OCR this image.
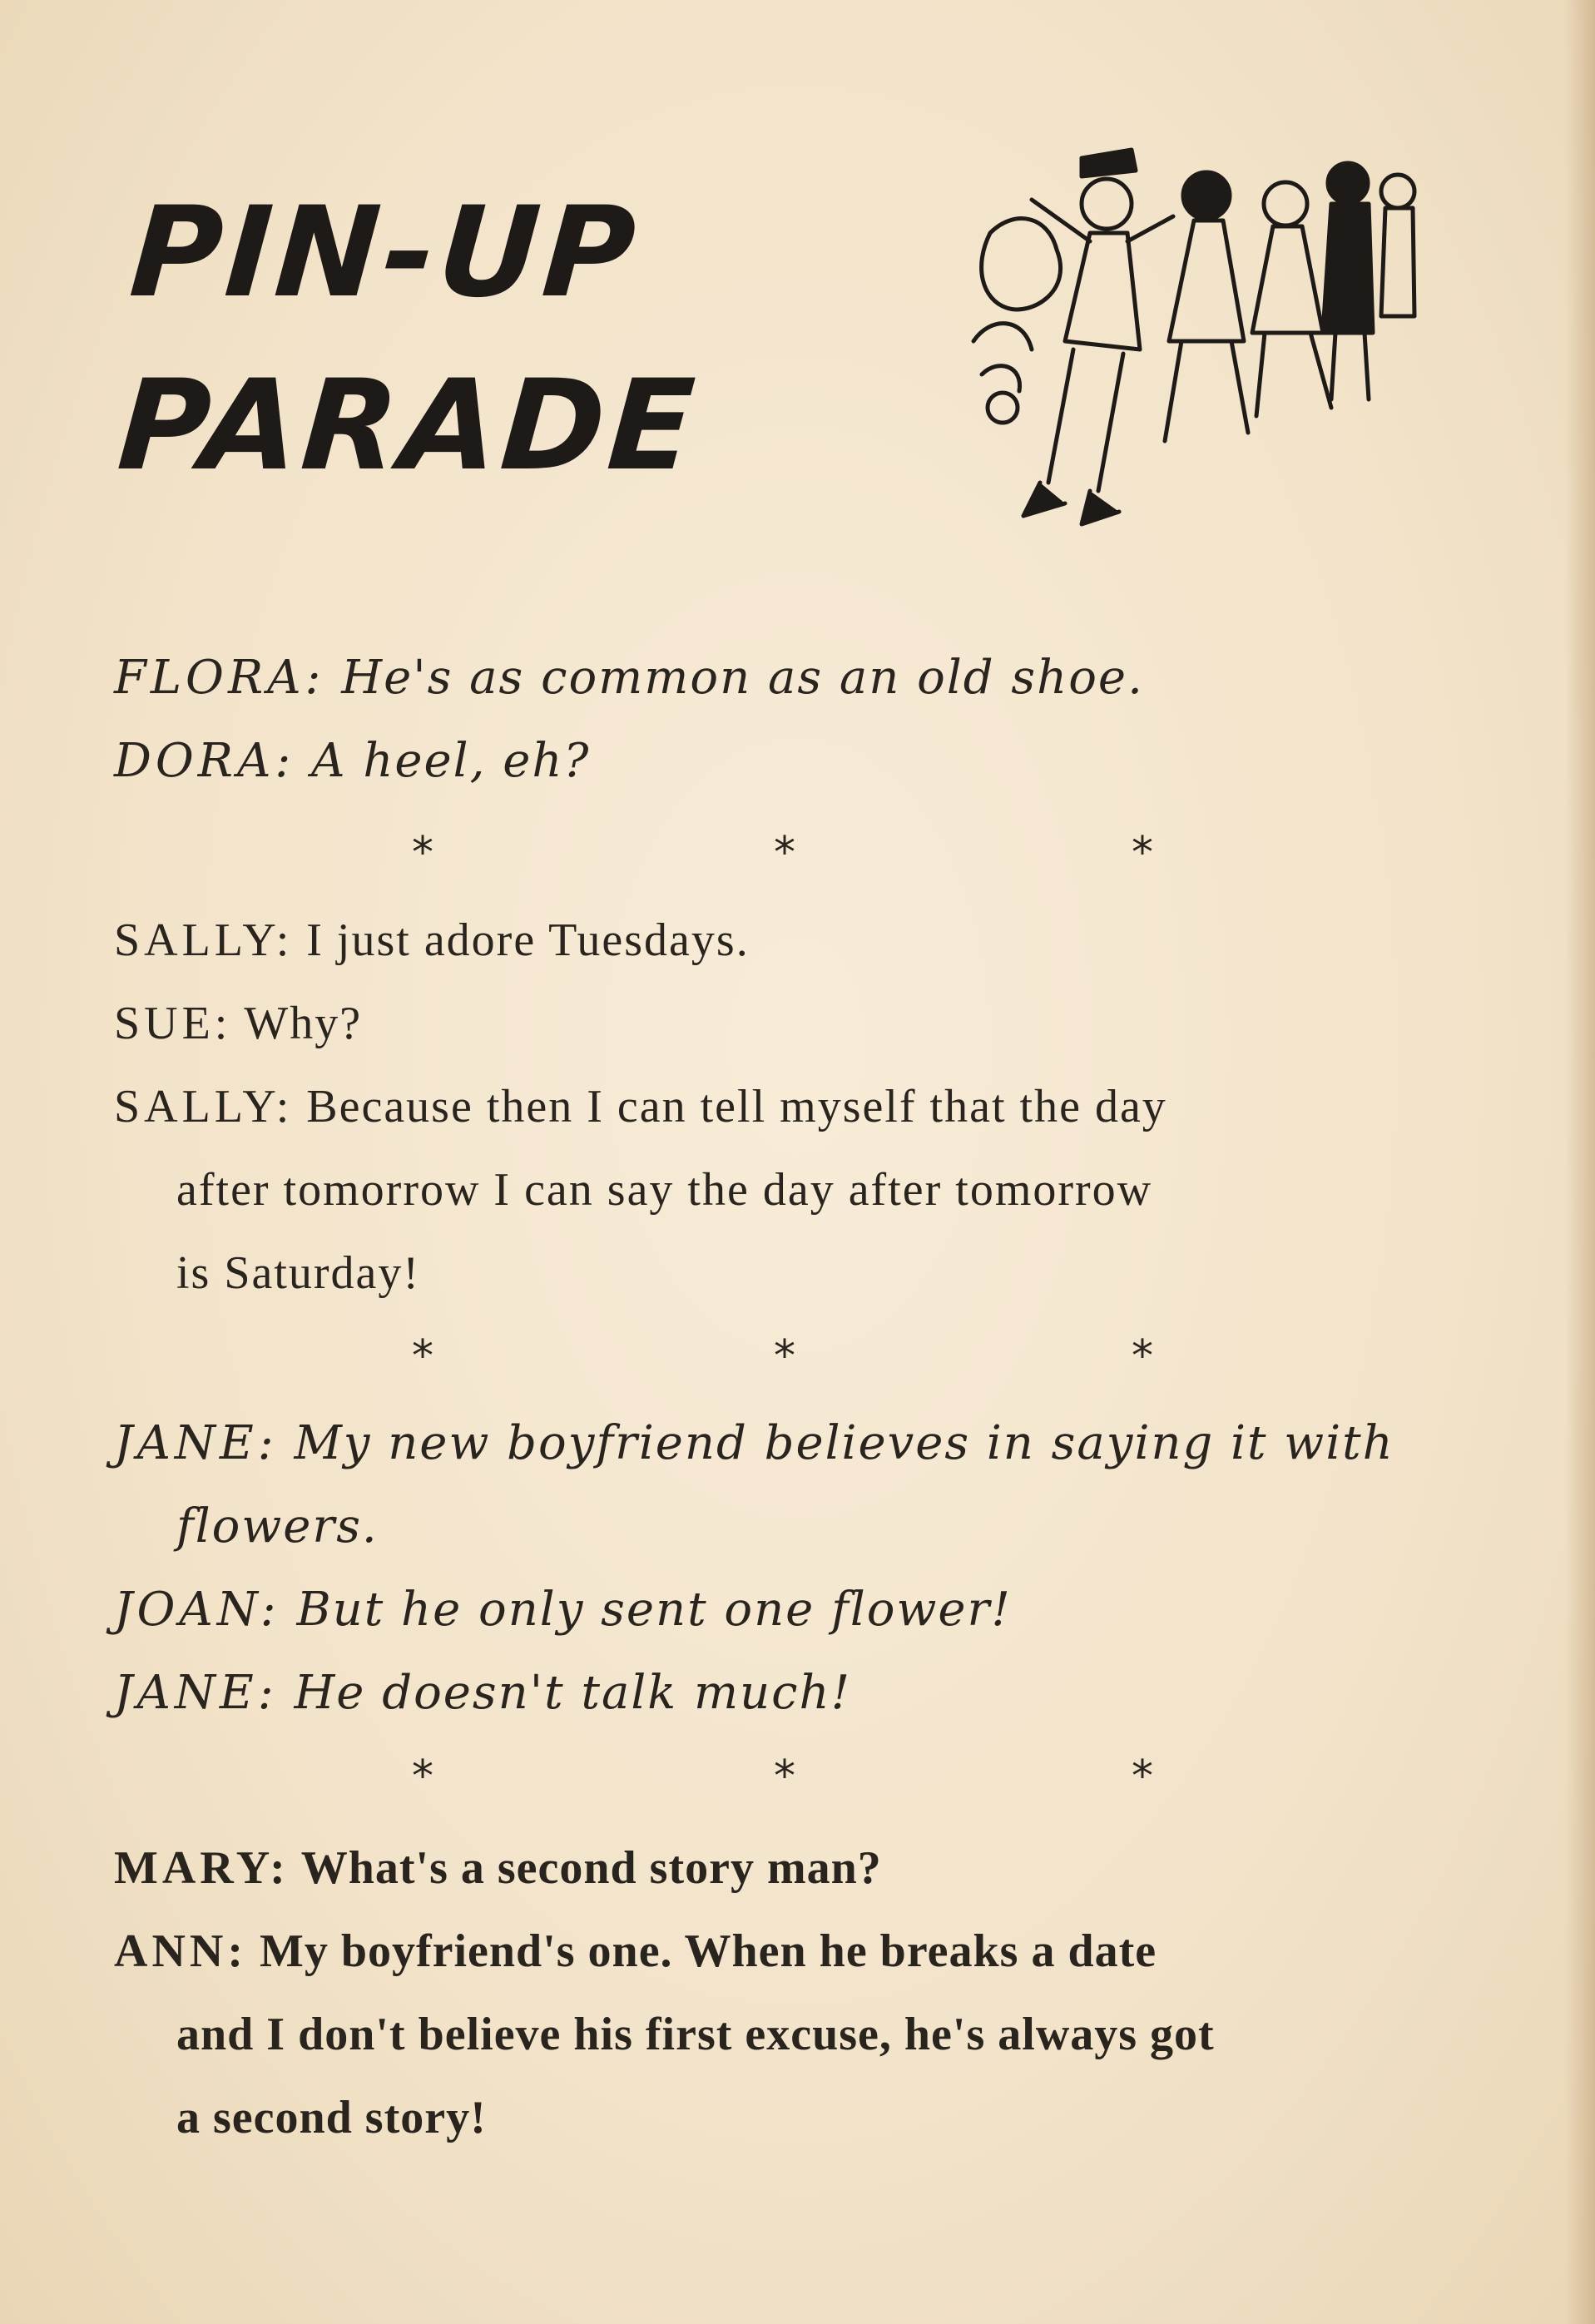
PIN-UP
PARADE
FLORA: He's as common as an old shoe.
DORA: A heel, eh?
*	*	*
SALLY: I just adore Tuesdays.
SUE: Why?
SALLY: Because then I can tell myself that the day
after tomorrow I can say the day after tomorrow
is Saturday!
*	*	*
JANE: My new boyfriend believes in saying it with
flowers.
JOAN: But he only sent one flower!
JANE: He doesn't talk much!
*	*	*
MARY: What's a second story man?
ANN: My boyfriend's one. When he breaks a date
and I don't believe his first excuse, he's always got
a second story!
